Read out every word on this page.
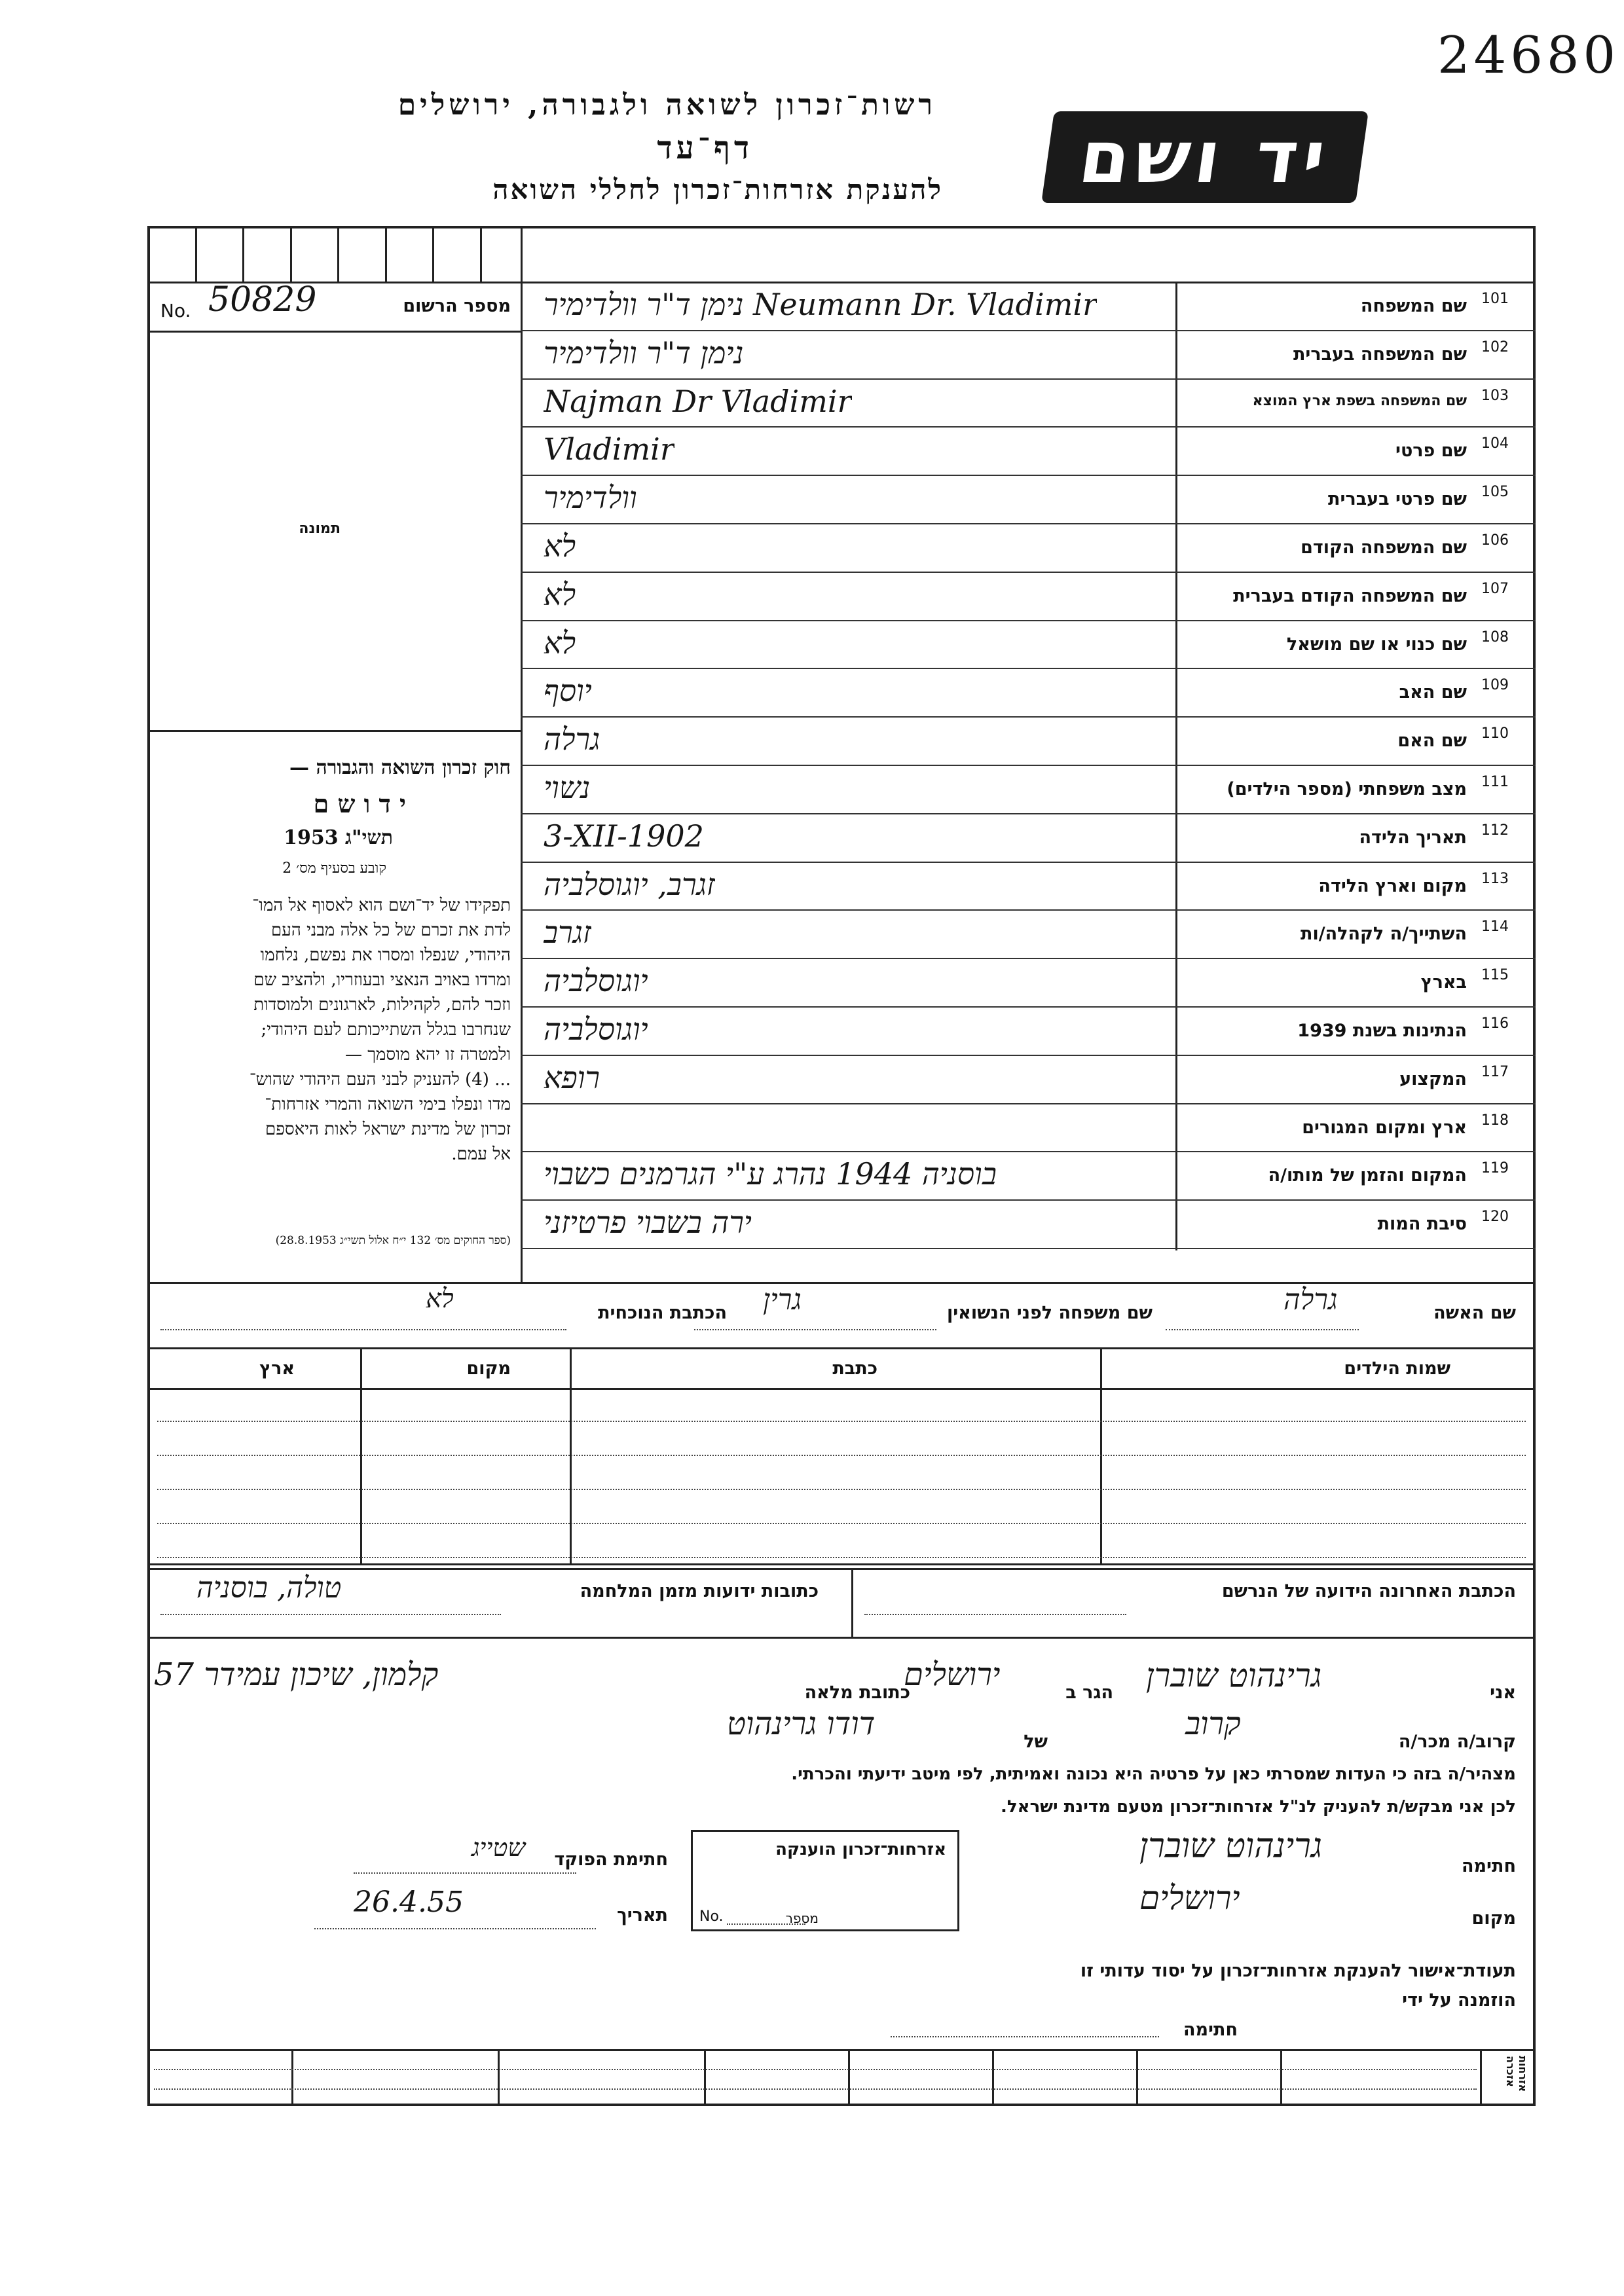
24680
רשות־זכרון לשואה ולגבורה, ירושלים
דף־עד
להענקת אזרחות־זכרון לחללי השואה	יד ושם
מספר הרשום
No. 50829
תמונה
חוק זכרון השואה והגבורה —
י ד ו ש ם
תשי"ג 1953
קובע בסעיף מס׳ 2
תפקידו של יד־ושם הוא לאסוף אל המו־
לדת את זכרם של כל אלה מבני העם
היהודי, שנפלו ומסרו את נפשם, נלחמו
ומרדו באויב הנאצי ובעוזריו, ולהציב שם
וזכר להם, לקהילות, לארגונים ולמוסדות
שנחרבו בגלל השתייכותם לעם היהודי;
ולמטרה זו יהא מוסמך —
... (4) להעניק לבני העם היהודי שהוש־
מדו ונפלו בימי השואה והמרי אזרחות־
זכרון של מדינת ישראל לאות היאספם
אל עמם.
(ספר החוקים מס׳ 132 י״ח אלול תשי״ג 28.8.1953)
101
שם המשפחה
נימן ד"ר וולדימיר Neumann Dr. Vladimir
102
שם המשפחה בעברית
נימן ד"ר וולדימיר
103
שם המשפחה בשפת ארץ המוצא
Najman Dr Vladimir
104
שם פרטי
Vladimir
105
שם פרטי בעברית
וולדימיר
106
שם המשפחה הקודם
לא
107
שם המשפחה הקודם בעברית
לא
108
שם כנוי או שם מושאל
לא
109
שם האב
יוסף
110
שם האם
גרלה
111
מצב משפחתי (מספר הילדים)
נשוי
112
תאריך הלידה
3-XII-1902
113
מקום וארץ הלידה
זגרב, יוגוסלביה
114
השתייך/ה לקהלה/ות
זגרב
115
בארץ
יוגוסלביה
116
הנתינות בשנת 1939
יוגוסלביה
117
המקצוע
רופא
118
ארץ ומקום המגורים
119
המקום והזמן של מותו/ה
בוסניה 1944 נהרג ע"י הגרמנים כשבוי
120
סיבת המות
ירה בשבוי פרטיזני
שם האשה
גרלה
שם משפחה לפני הנשואין
גרין
הכתבת הנוכחית
לא
שמות הילדים
כתבת
מקום
ארץ
הכתבת האחרונה הידועה של הנרשם
כתובות ידועות מזמן המלחמה
טולה, בוסניה
אני
גרינהוט שוברן
הגר ב
ירושלים
כתובת מלאה
קלמון, שיכון עמידר 57
קרוב/ה מכר/ה
קרוב
של
דודו גרינהוט
מצהיר/ה בזה כי העדות שמסרתי כאן על פרטיה היא נכונה ואמיתית, לפי מיטב ידיעתי והכרתי.
לכן אני מבקש/ת להעניק לנ"ל אזרחות־זכרון מטעם מדינת ישראל.
חתימה
גרינהוט שוברן
מקום
ירושלים
אזרחות־זכרון הוענקה
מספר
No.
חתימת הפוקד
שטייג
תאריך
26.4.55
תעודת־אישור להענקת אזרחות־זכרון על יסוד עדותי זו
הוזמנה על ידי
חתימה
אזרחות אזכרה
